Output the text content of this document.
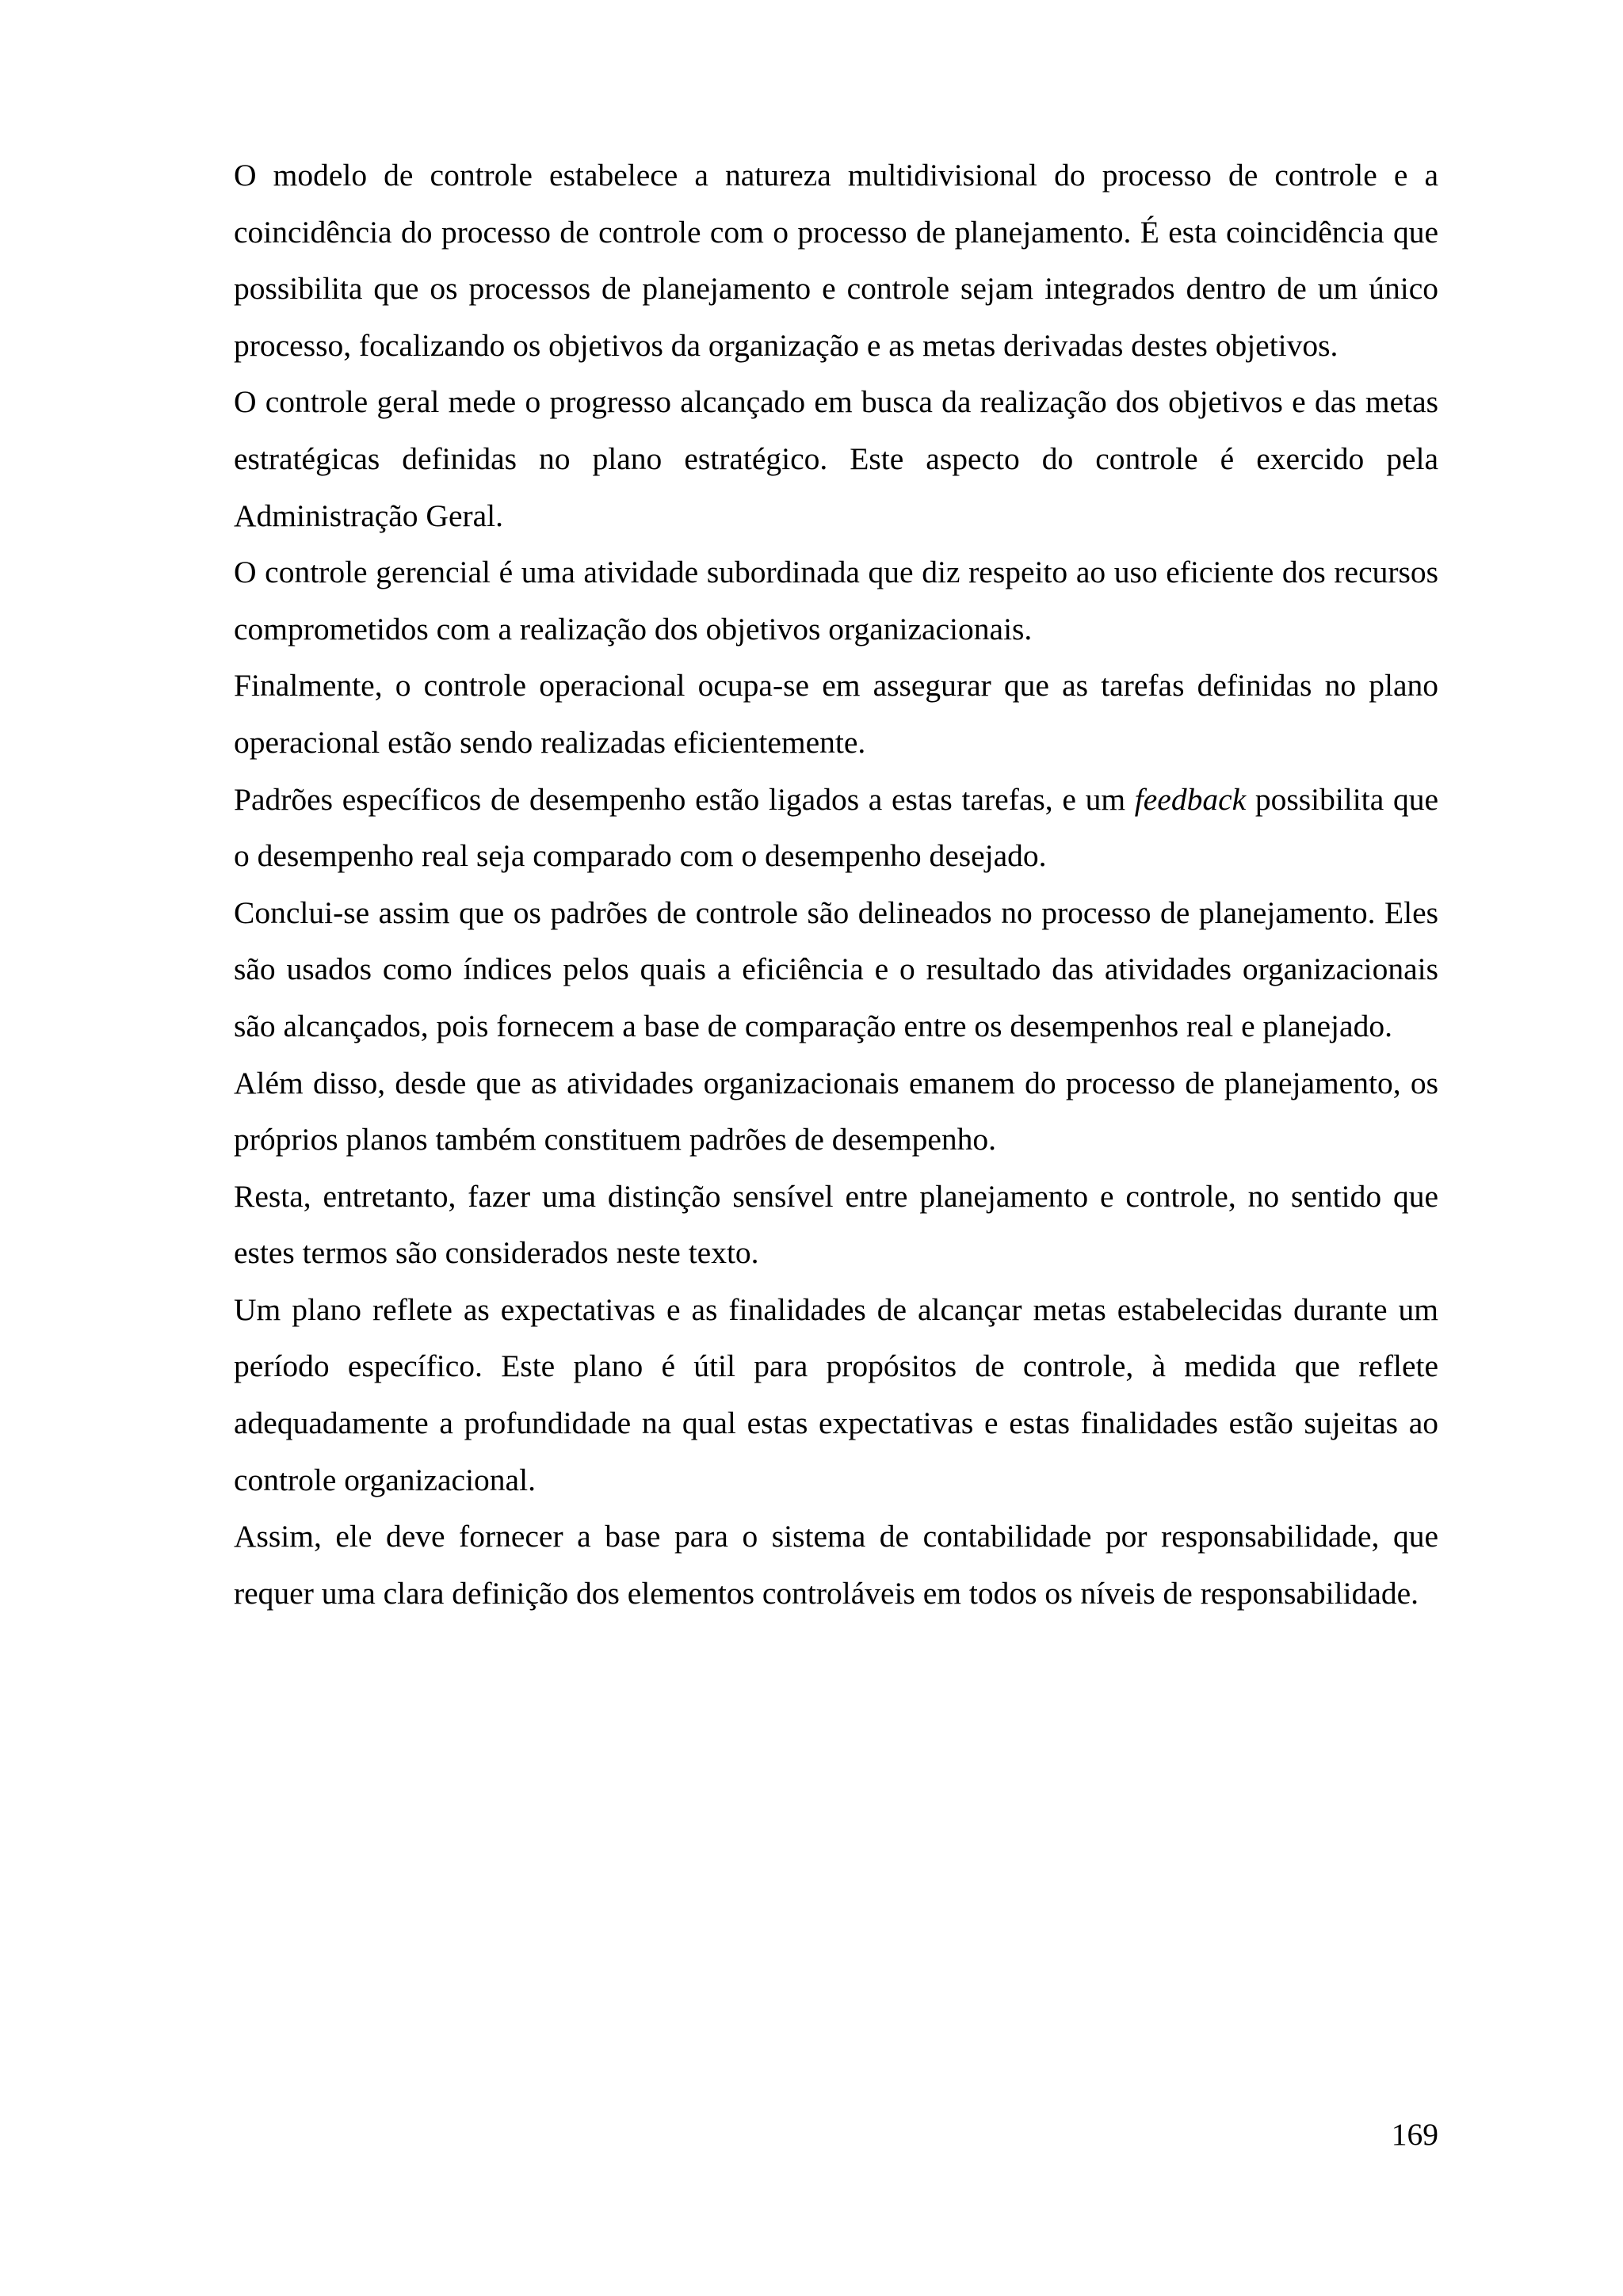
O modelo de controle estabelece a natureza multidivisional do processo de controle e a coincidência do processo de controle com o processo de planejamento. É esta coincidência que possibilita que os processos de planejamento e controle sejam integrados dentro de um único processo, focalizando os objetivos da organização e as metas derivadas destes objetivos.

O controle geral mede o progresso alcançado em busca da realização dos objetivos e das metas estratégicas definidas no plano estratégico. Este aspecto do controle é exercido pela Administração Geral.

O controle gerencial é uma atividade subordinada que diz respeito ao uso eficiente dos recursos comprometidos com a realização dos objetivos organizacionais.

Finalmente, o controle operacional ocupa-se em assegurar que as tarefas definidas no plano operacional estão sendo realizadas eficientemente.

Padrões específicos de desempenho estão ligados a estas tarefas, e um feedback possibilita que o desempenho real seja comparado com o desempenho desejado.

Conclui-se assim que os padrões de controle são delineados no processo de planejamento. Eles são usados como índices pelos quais a eficiência e o resultado das atividades organizacionais são alcançados, pois fornecem a base de comparação entre os desempenhos real e planejado.

Além disso, desde que as atividades organizacionais emanem do processo de planejamento, os próprios planos também constituem padrões de desempenho.

Resta, entretanto, fazer uma distinção sensível entre planejamento e controle, no sentido que estes termos são considerados neste texto.

Um plano reflete as expectativas e as finalidades de alcançar metas estabelecidas durante um período específico. Este plano é útil para propósitos de controle, à medida que reflete adequadamente a profundidade na qual estas expectativas e estas finalidades estão sujeitas ao controle organizacional.

Assim, ele deve fornecer a base para o sistema de contabilidade por responsabilidade, que requer uma clara definição dos elementos controláveis em todos os níveis de responsabilidade.

169
